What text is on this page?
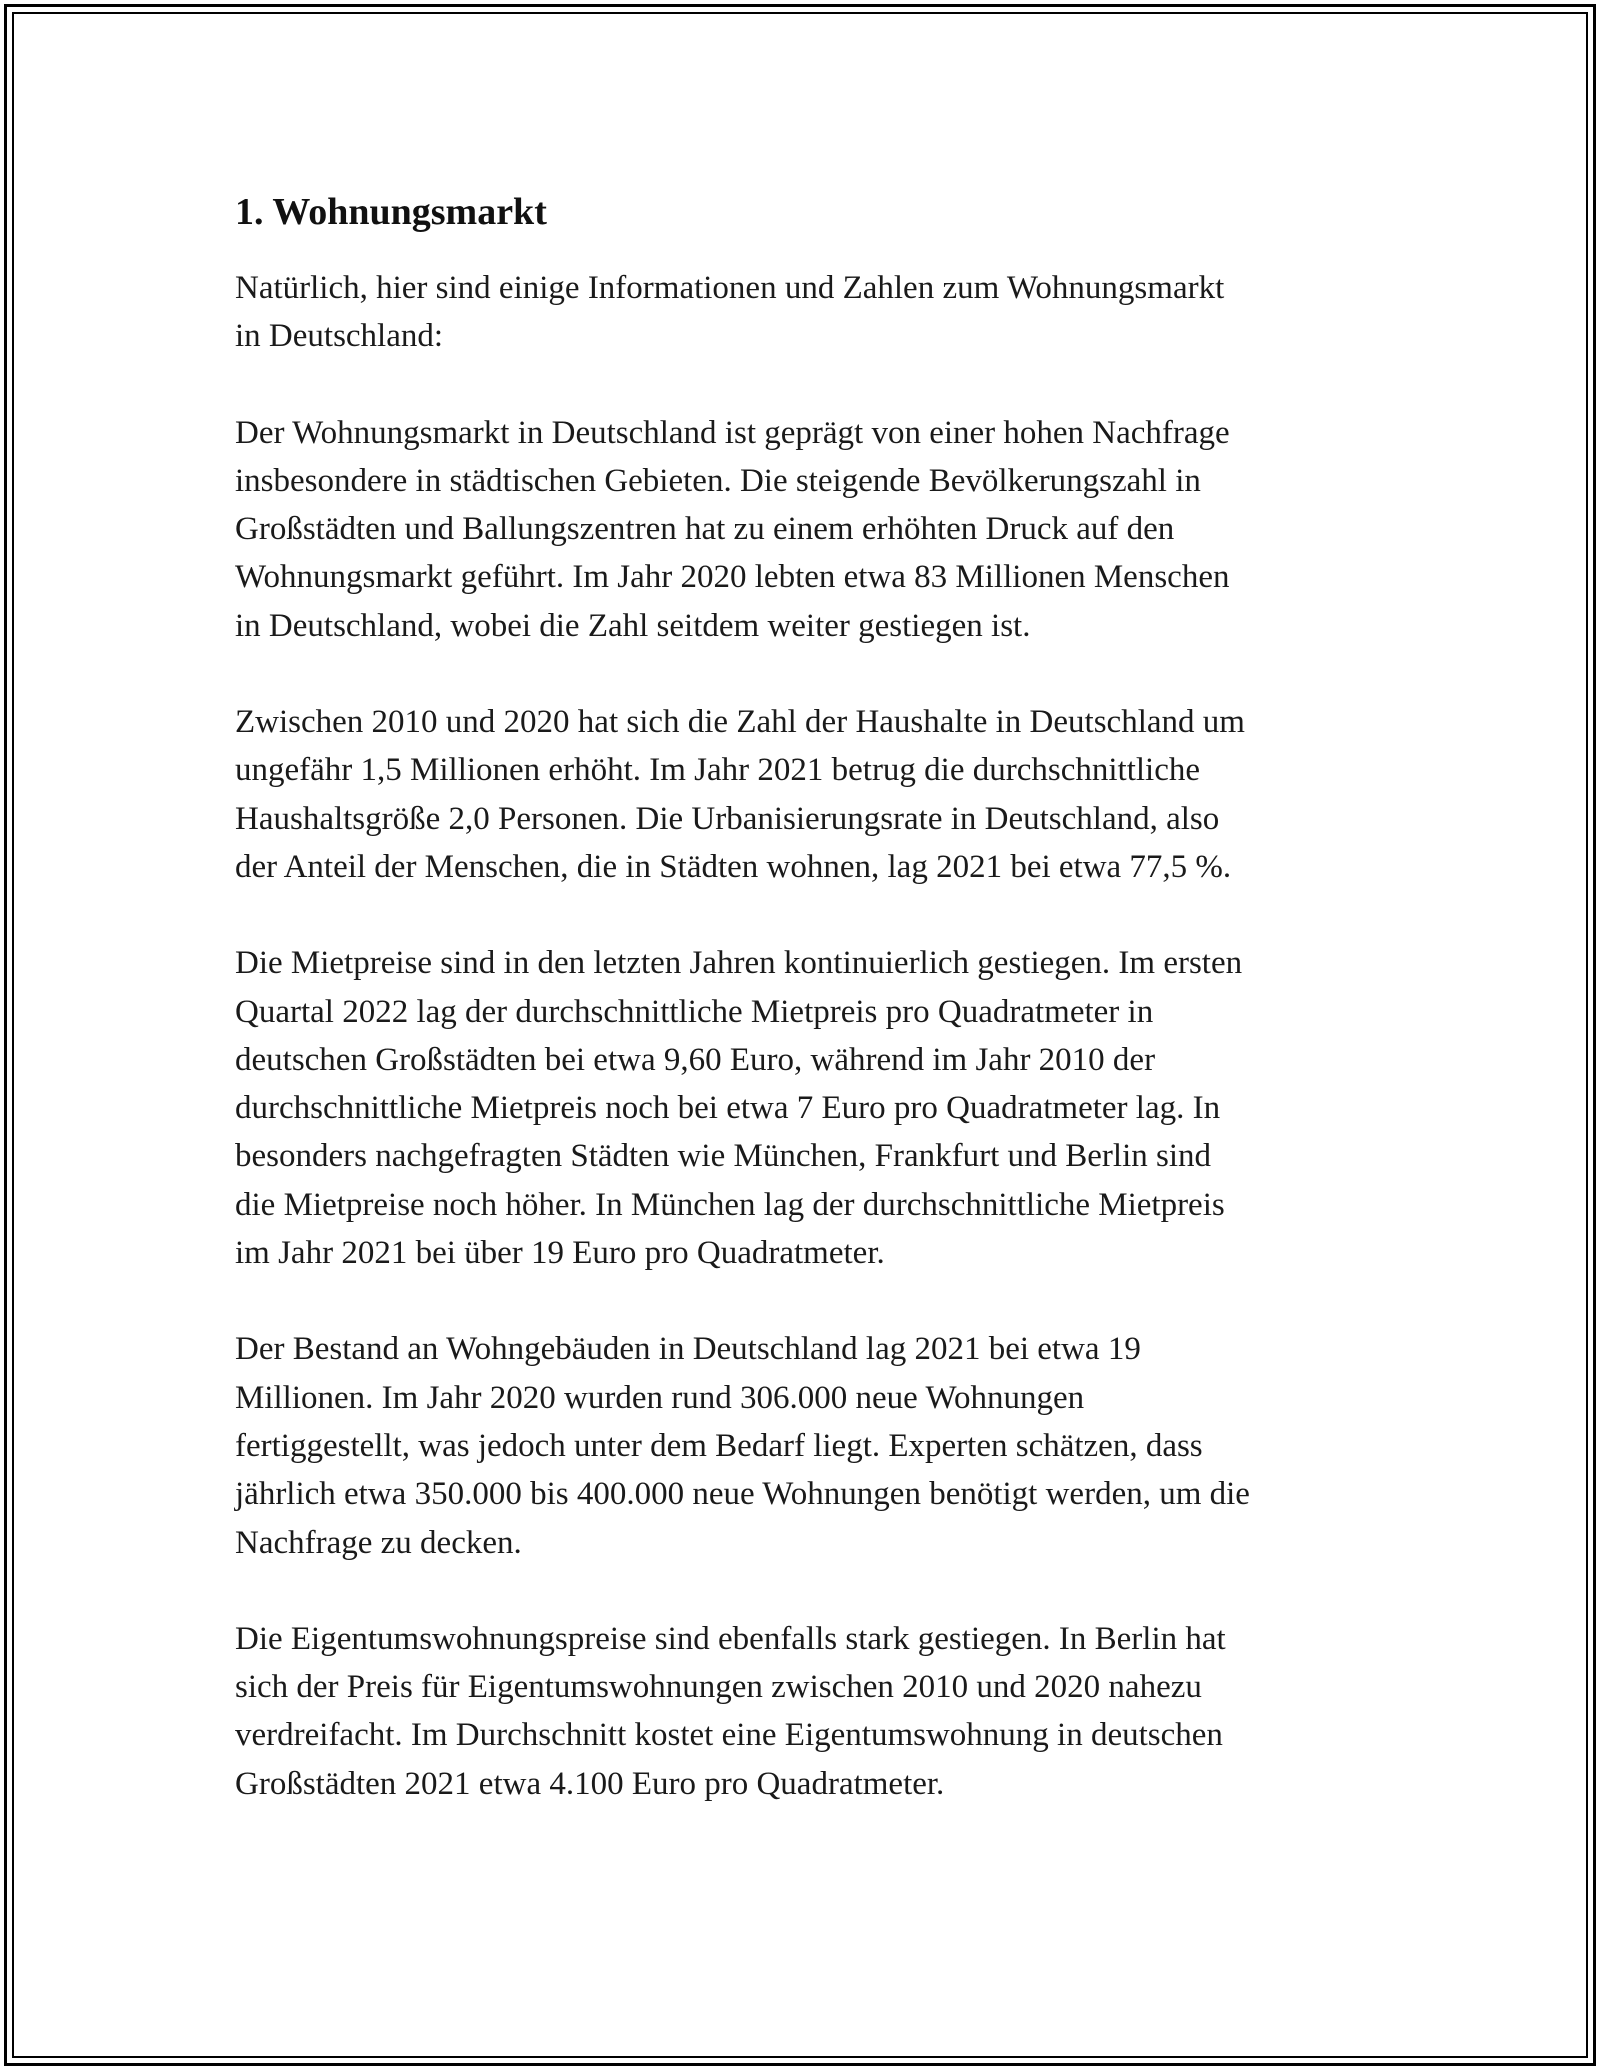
1. Wohnungsmarkt

Natürlich, hier sind einige Informationen und Zahlen zum Wohnungsmarkt
in Deutschland:

Der Wohnungsmarkt in Deutschland ist geprägt von einer hohen Nachfrage
insbesondere in städtischen Gebieten. Die steigende Bevölkerungszahl in
Großstädten und Ballungszentren hat zu einem erhöhten Druck auf den
Wohnungsmarkt geführt. Im Jahr 2020 lebten etwa 83 Millionen Menschen
in Deutschland, wobei die Zahl seitdem weiter gestiegen ist.

Zwischen 2010 und 2020 hat sich die Zahl der Haushalte in Deutschland um
ungefähr 1,5 Millionen erhöht. Im Jahr 2021 betrug die durchschnittliche
Haushaltsgröße 2,0 Personen. Die Urbanisierungsrate in Deutschland, also
der Anteil der Menschen, die in Städten wohnen, lag 2021 bei etwa 77,5 %.

Die Mietpreise sind in den letzten Jahren kontinuierlich gestiegen. Im ersten
Quartal 2022 lag der durchschnittliche Mietpreis pro Quadratmeter in
deutschen Großstädten bei etwa 9,60 Euro, während im Jahr 2010 der
durchschnittliche Mietpreis noch bei etwa 7 Euro pro Quadratmeter lag. In
besonders nachgefragten Städten wie München, Frankfurt und Berlin sind
die Mietpreise noch höher. In München lag der durchschnittliche Mietpreis
im Jahr 2021 bei über 19 Euro pro Quadratmeter.

Der Bestand an Wohngebäuden in Deutschland lag 2021 bei etwa 19
Millionen. Im Jahr 2020 wurden rund 306.000 neue Wohnungen
fertiggestellt, was jedoch unter dem Bedarf liegt. Experten schätzen, dass
jährlich etwa 350.000 bis 400.000 neue Wohnungen benötigt werden, um die
Nachfrage zu decken.

Die Eigentumswohnungspreise sind ebenfalls stark gestiegen. In Berlin hat
sich der Preis für Eigentumswohnungen zwischen 2010 und 2020 nahezu
verdreifacht. Im Durchschnitt kostet eine Eigentumswohnung in deutschen
Großstädten 2021 etwa 4.100 Euro pro Quadratmeter.
